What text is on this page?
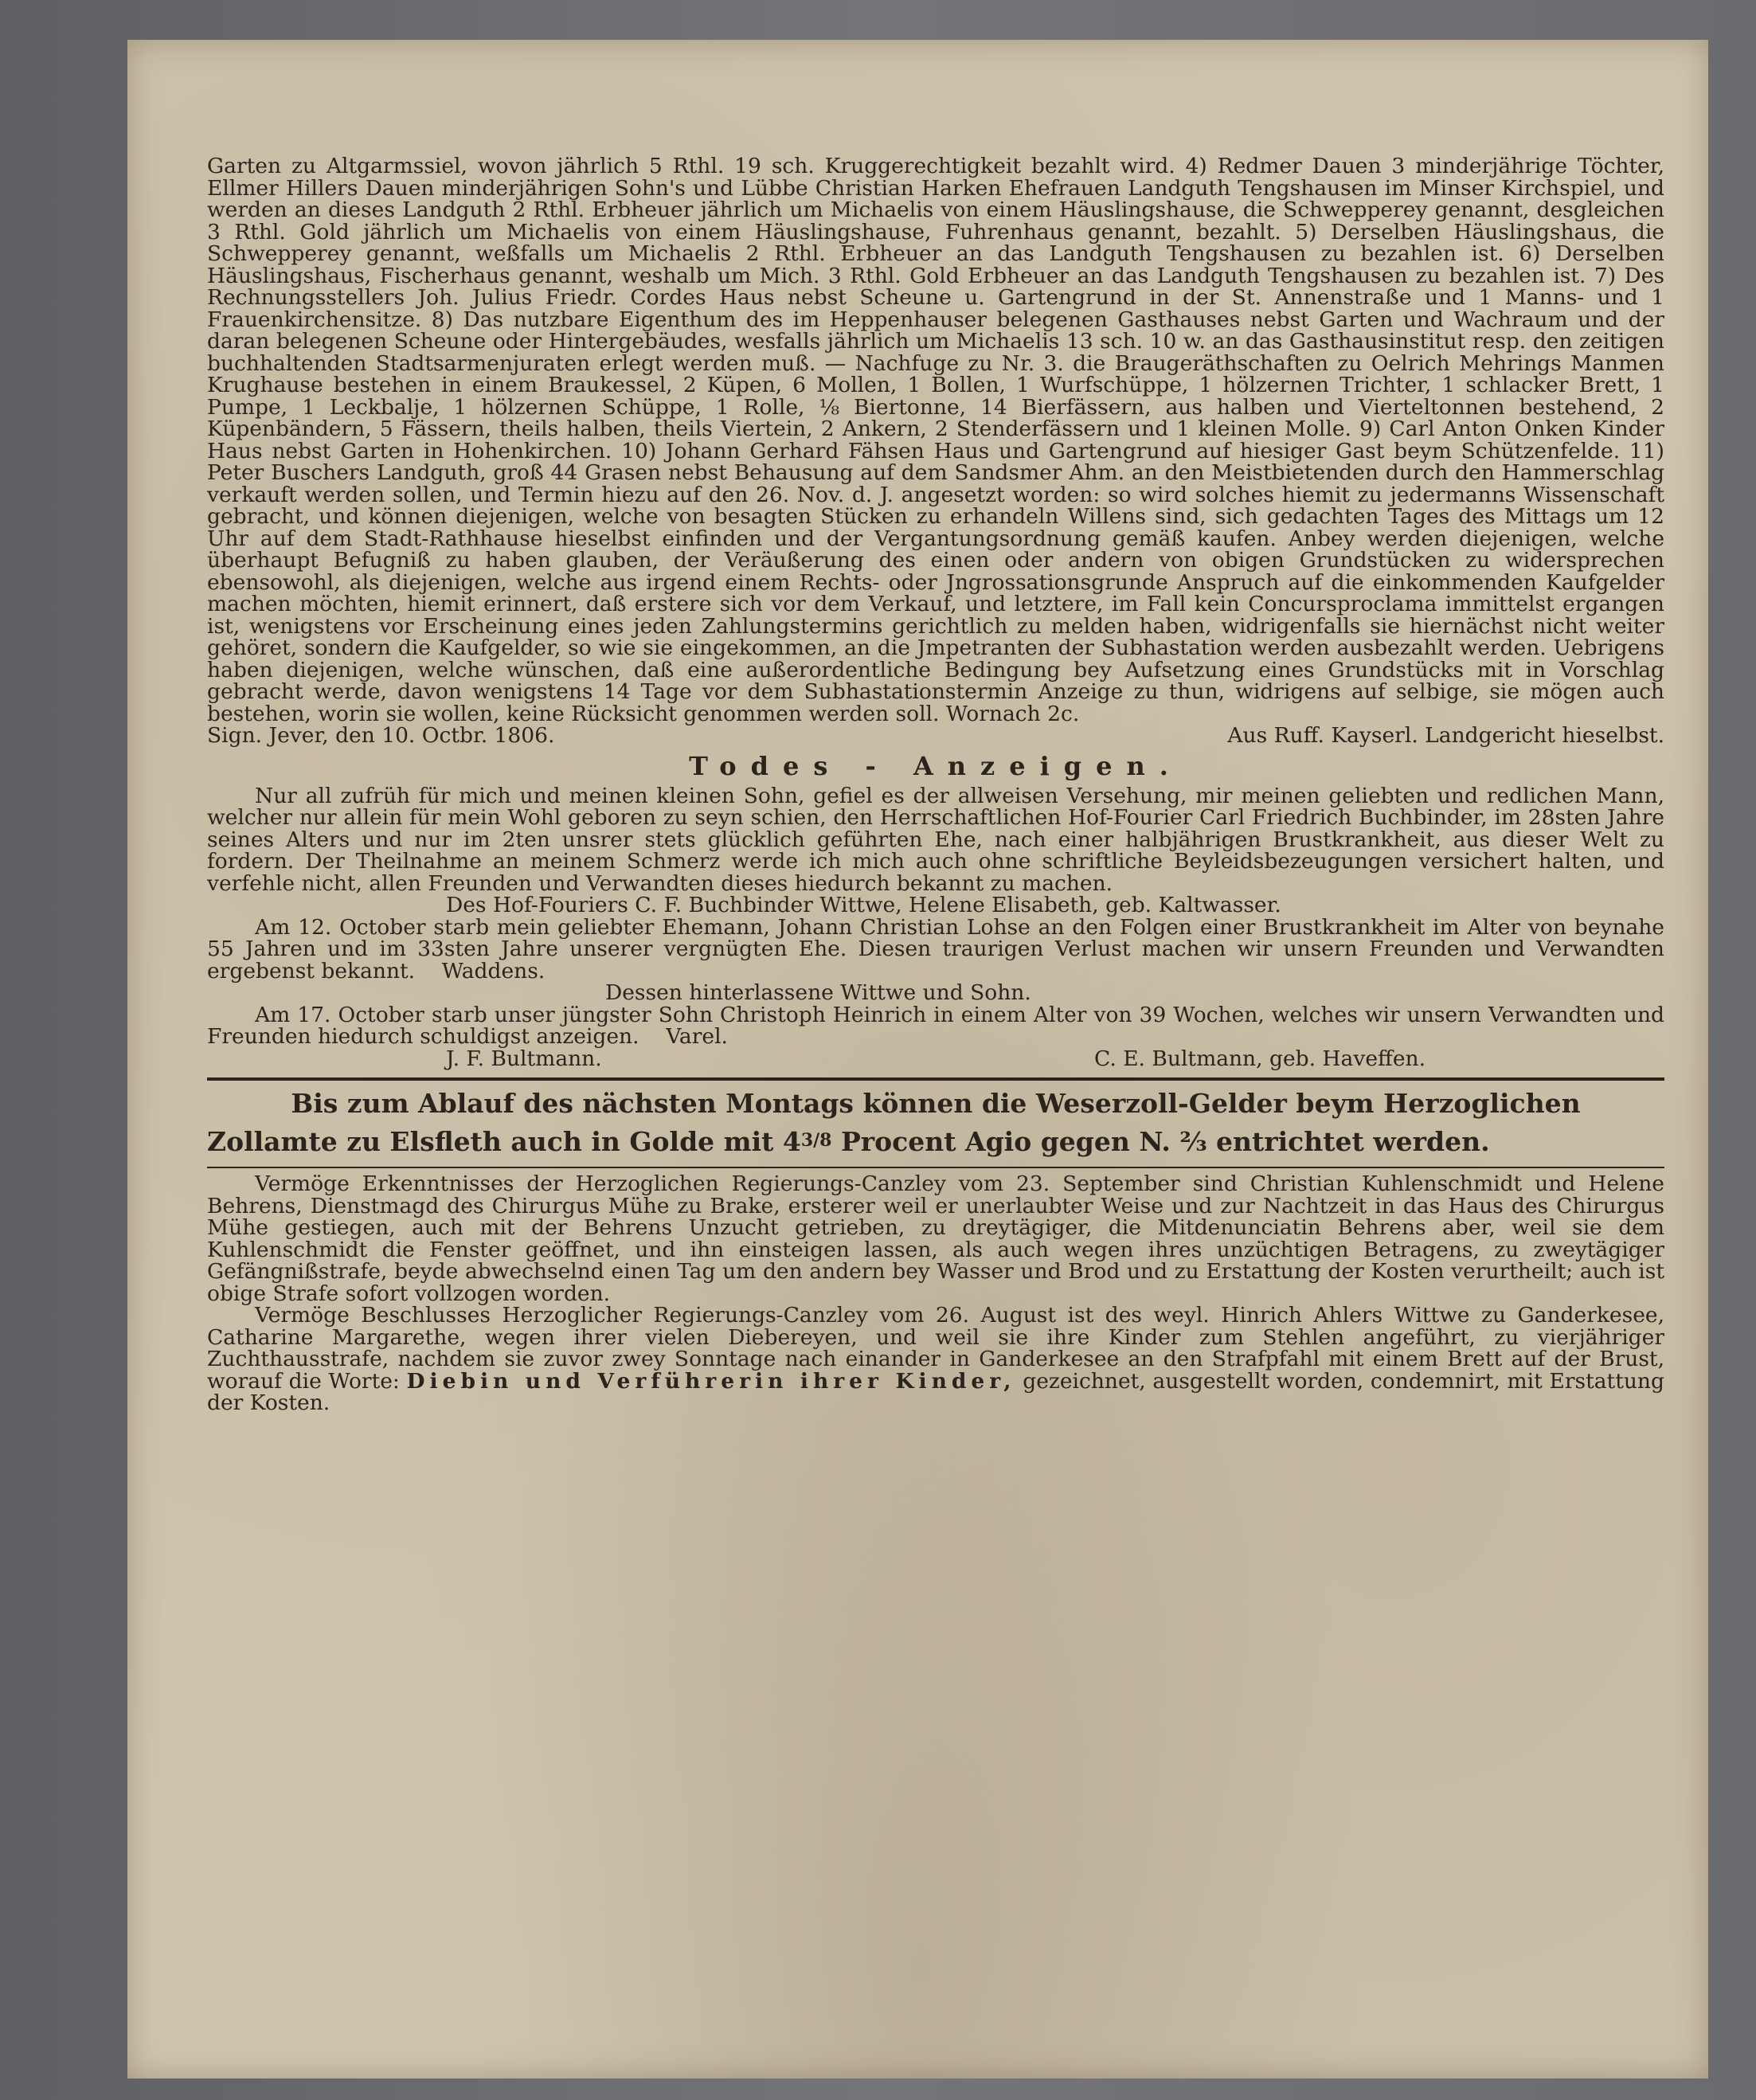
Garten zu Altgarmssiel, wovon jährlich 5 Rthl. 19 sch. Kruggerechtigkeit bezahlt wird. 4) Redmer Dauen 3 minderjährige Töchter, Ellmer Hillers Dauen minderjährigen Sohn's und Lübbe Christian Harken Ehefrauen Landguth Tengshausen im Minser Kirchspiel, und werden an dieses Landguth 2 Rthl. Erbheuer jährlich um Michaelis von einem Häuslingshause, die Schwepperey genannt, desgleichen 3 Rthl. Gold jährlich um Michaelis von einem Häuslingshause, Fuhrenhaus genannt, bezahlt. 5) Derselben Häuslingshaus, die Schwepperey genannt, weßfalls um Michaelis 2 Rthl. Erbheuer an das Landguth Tengshausen zu bezahlen ist. 6) Derselben Häuslingshaus, Fischerhaus genannt, weshalb um Mich. 3 Rthl. Gold Erbheuer an das Landguth Tengshausen zu bezahlen ist. 7) Des Rechnungsstellers Joh. Julius Friedr. Cordes Haus nebst Scheune u. Gartengrund in der St. Annenstraße und 1 Manns- und 1 Frauenkirchensitze. 8) Das nutzbare Eigenthum des im Heppenhauser belegenen Gasthauses nebst Garten und Wachraum und der daran belegenen Scheune oder Hintergebäudes, wesfalls jährlich um Michaelis 13 sch. 10 w. an das Gasthausinstitut resp. den zeitigen buchhaltenden Stadtsarmenjuraten erlegt werden muß. — Nachfuge zu Nr. 3. die Braugeräthschaften zu Oelrich Mehrings Manmen Krughause bestehen in einem Braukessel, 2 Küpen, 6 Mollen, 1 Bollen, 1 Wurfschüppe, 1 hölzernen Trichter, 1 schlacker Brett, 1 Pumpe, 1 Leckbalje, 1 hölzernen Schüppe, 1 Rolle, ⅛ Biertonne, 14 Bierfässern, aus halben und Vierteltonnen bestehend, 2 Küpenbändern, 5 Fässern, theils halben, theils Viertein, 2 Ankern, 2 Stenderfässern und 1 kleinen Molle. 9) Carl Anton Onken Kinder Haus nebst Garten in Hohenkirchen. 10) Johann Gerhard Fähsen Haus und Gartengrund auf hiesiger Gast beym Schützenfelde. 11) Peter Buschers Landguth, groß 44 Grasen nebst Behausung auf dem Sandsmer Ahm. an den Meistbietenden durch den Hammerschlag verkauft werden sollen, und Termin hiezu auf den 26. Nov. d. J. angesetzt worden: so wird solches hiemit zu jedermanns Wissenschaft gebracht, und können diejenigen, welche von besagten Stücken zu erhandeln Willens sind, sich gedachten Tages des Mittags um 12 Uhr auf dem Stadt-Rathhause hieselbst einfinden und der Vergantungsordnung gemäß kaufen. Anbey werden diejenigen, welche überhaupt Befugniß zu haben glauben, der Veräußerung des einen oder andern von obigen Grundstücken zu widersprechen ebensowohl, als diejenigen, welche aus irgend einem Rechts- oder Jngrossationsgrunde Anspruch auf die einkommenden Kaufgelder machen möchten, hiemit erinnert, daß erstere sich vor dem Verkauf, und letztere, im Fall kein Concursproclama immittelst ergangen ist, wenigstens vor Erscheinung eines jeden Zahlungstermins gerichtlich zu melden haben, widrigenfalls sie hiernächst nicht weiter gehöret, sondern die Kaufgelder, so wie sie eingekommen, an die Jmpetranten der Subhastation werden ausbezahlt werden. Uebrigens haben diejenigen, welche wünschen, daß eine außerordentliche Bedingung bey Aufsetzung eines Grundstücks mit in Vorschlag gebracht werde, davon wenigstens 14 Tage vor dem Subhastationstermin Anzeige zu thun, widrigens auf selbige, sie mögen auch bestehen, worin sie wollen, keine Rücksicht genommen werden soll. Wornach 2c.

Sign. Jever, den 10. Octbr. 1806.	Aus Ruff. Kayserl. Landgericht hieselbst.
Todes - Anzeigen.

Nur all zufrüh für mich und meinen kleinen Sohn, gefiel es der allweisen Versehung, mir meinen geliebten und redlichen Mann, welcher nur allein für mein Wohl geboren zu seyn schien, den Herrschaftlichen Hof-Fourier Carl Friedrich Buchbinder, im 28sten Jahre seines Alters und nur im 2ten unsrer stets glücklich geführten Ehe, nach einer halbjährigen Brustkrankheit, aus dieser Welt zu fordern. Der Theilnahme an meinem Schmerz werde ich mich auch ohne schriftliche Beyleidsbezeugungen versichert halten, und verfehle nicht, allen Freunden und Verwandten dieses hiedurch bekannt zu machen.

Des Hof-Fouriers C. F. Buchbinder Wittwe, Helene Elisabeth, geb. Kaltwasser.

Am 12. October starb mein geliebter Ehemann, Johann Christian Lohse an den Folgen einer Brustkrankheit im Alter von beynahe 55 Jahren und im 33sten Jahre unserer vergnügten Ehe. Diesen traurigen Verlust machen wir unsern Freunden und Verwandten ergebenst bekannt. Waddens.

Dessen hinterlassene Wittwe und Sohn.

Am 17. October starb unser jüngster Sohn Christoph Heinrich in einem Alter von 39 Wochen, welches wir unsern Verwandten und Freunden hiedurch schuldigst anzeigen. Varel.

J. F. Bultmann.	C. E. Bultmann, geb. Haveffen.
Bis zum Ablauf des nächsten Montags können die Weserzoll-Gelder beym Herzoglichen
Zollamte zu Elsfleth auch in Golde mit 43/8 Procent Agio gegen N. ⅔ entrichtet werden.

Vermöge Erkenntnisses der Herzoglichen Regierungs-Canzley vom 23. September sind Christian Kuhlenschmidt und Helene Behrens, Dienstmagd des Chirurgus Mühe zu Brake, ersterer weil er unerlaubter Weise und zur Nachtzeit in das Haus des Chirurgus Mühe gestiegen, auch mit der Behrens Unzucht getrieben, zu dreytägiger, die Mitdenunciatin Behrens aber, weil sie dem Kuhlenschmidt die Fenster geöffnet, und ihn einsteigen lassen, als auch wegen ihres unzüchtigen Betragens, zu zweytägiger Gefängnißstrafe, beyde abwechselnd einen Tag um den andern bey Wasser und Brod und zu Erstattung der Kosten verurtheilt; auch ist obige Strafe sofort vollzogen worden.

Vermöge Beschlusses Herzoglicher Regierungs-Canzley vom 26. August ist des weyl. Hinrich Ahlers Wittwe zu Ganderkesee, Catharine Margarethe, wegen ihrer vielen Diebereyen, und weil sie ihre Kinder zum Stehlen angeführt, zu vierjähriger Zuchthausstrafe, nachdem sie zuvor zwey Sonntage nach einander in Ganderkesee an den Strafpfahl mit einem Brett auf der Brust, worauf die Worte: Diebin und Verführerin ihrer Kinder, gezeichnet, ausgestellt worden, condemnirt, mit Erstattung der Kosten.
